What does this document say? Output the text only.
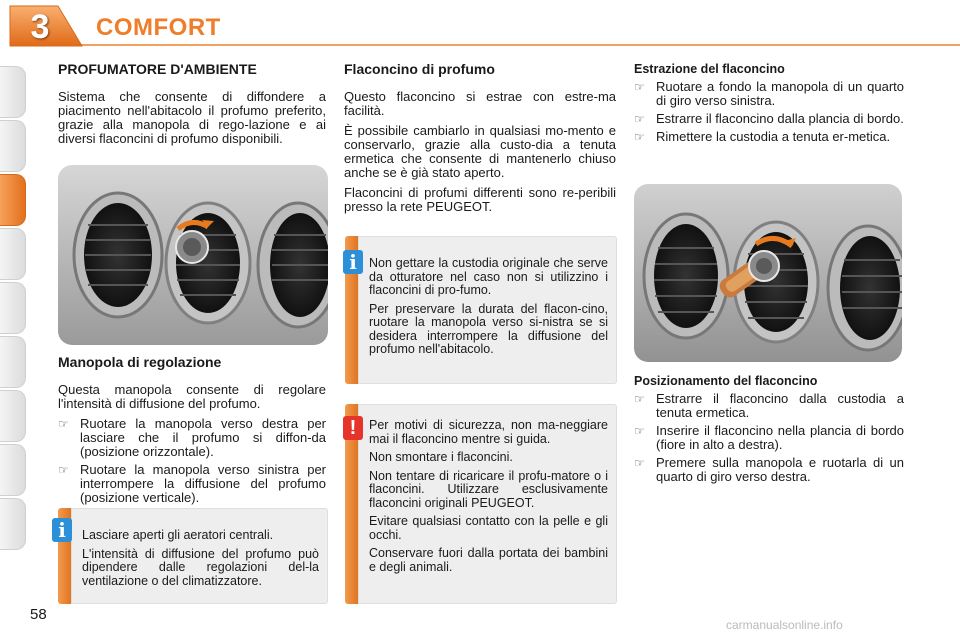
3	COMFORT
PROFUMATORE D'AMBIENTE

Sistema che consente di diffondere a piacimento nell'abitacolo il profumo preferito, grazie alla manopola di rego-lazione e ai diversi flaconcini di profumo disponibili.

Manopola di regolazione

Questa manopola consente di regolare l'intensità di diffusione del profumo.

☞ Ruotare la manopola verso destra per lasciare che il profumo si diffon-da (posizione orizzontale).
☞ Ruotare la manopola verso sinistra per interrompere la diffusione del profumo (posizione verticale).

Lasciare aperti gli aeratori centrali.

L'intensità di diffusione del profumo può dipendere dalle regolazioni del-la ventilazione o del climatizzatore.

i
Flaconcino di profumo

Questo flaconcino si estrae con estre-ma facilità.

È possibile cambiarlo in qualsiasi mo-mento e conservarlo, grazie alla custo-dia a tenuta ermetica che consente di mantenerlo chiuso anche se è già stato aperto.

Flaconcini di profumi differenti sono re-peribili presso la rete PEUGEOT.

Non gettare la custodia originale che serve da otturatore nel caso non si utilizzino i flaconcini di pro-fumo.

Per preservare la durata del flacon-cino, ruotare la manopola verso si-nistra se si desidera interrompere la diffusione del profumo nell'abitacolo.

i

Per motivi di sicurezza, non ma-neggiare mai il flaconcino mentre si guida.

Non smontare i flaconcini.

Non tentare di ricaricare il profu-matore o i flaconcini. Utilizzare esclusivamente flaconcini originali PEUGEOT.

Evitare qualsiasi contatto con la pelle e gli occhi.

Conservare fuori dalla portata dei bambini e degli animali.

!
Estrazione del flaconcino
☞ Ruotare a fondo la manopola di un quarto di giro verso sinistra.
☞ Estrarre il flaconcino dalla plancia di bordo.
☞ Rimettere la custodia a tenuta er-metica.
Posizionamento del flaconcino
☞ Estrarre il flaconcino dalla custodia a tenuta ermetica.
☞ Inserire il flaconcino nella plancia di bordo (fiore in alto a destra).
☞ Premere sulla manopola e ruotarla di un quarto di giro verso destra.
58
carmanualsonline.info
